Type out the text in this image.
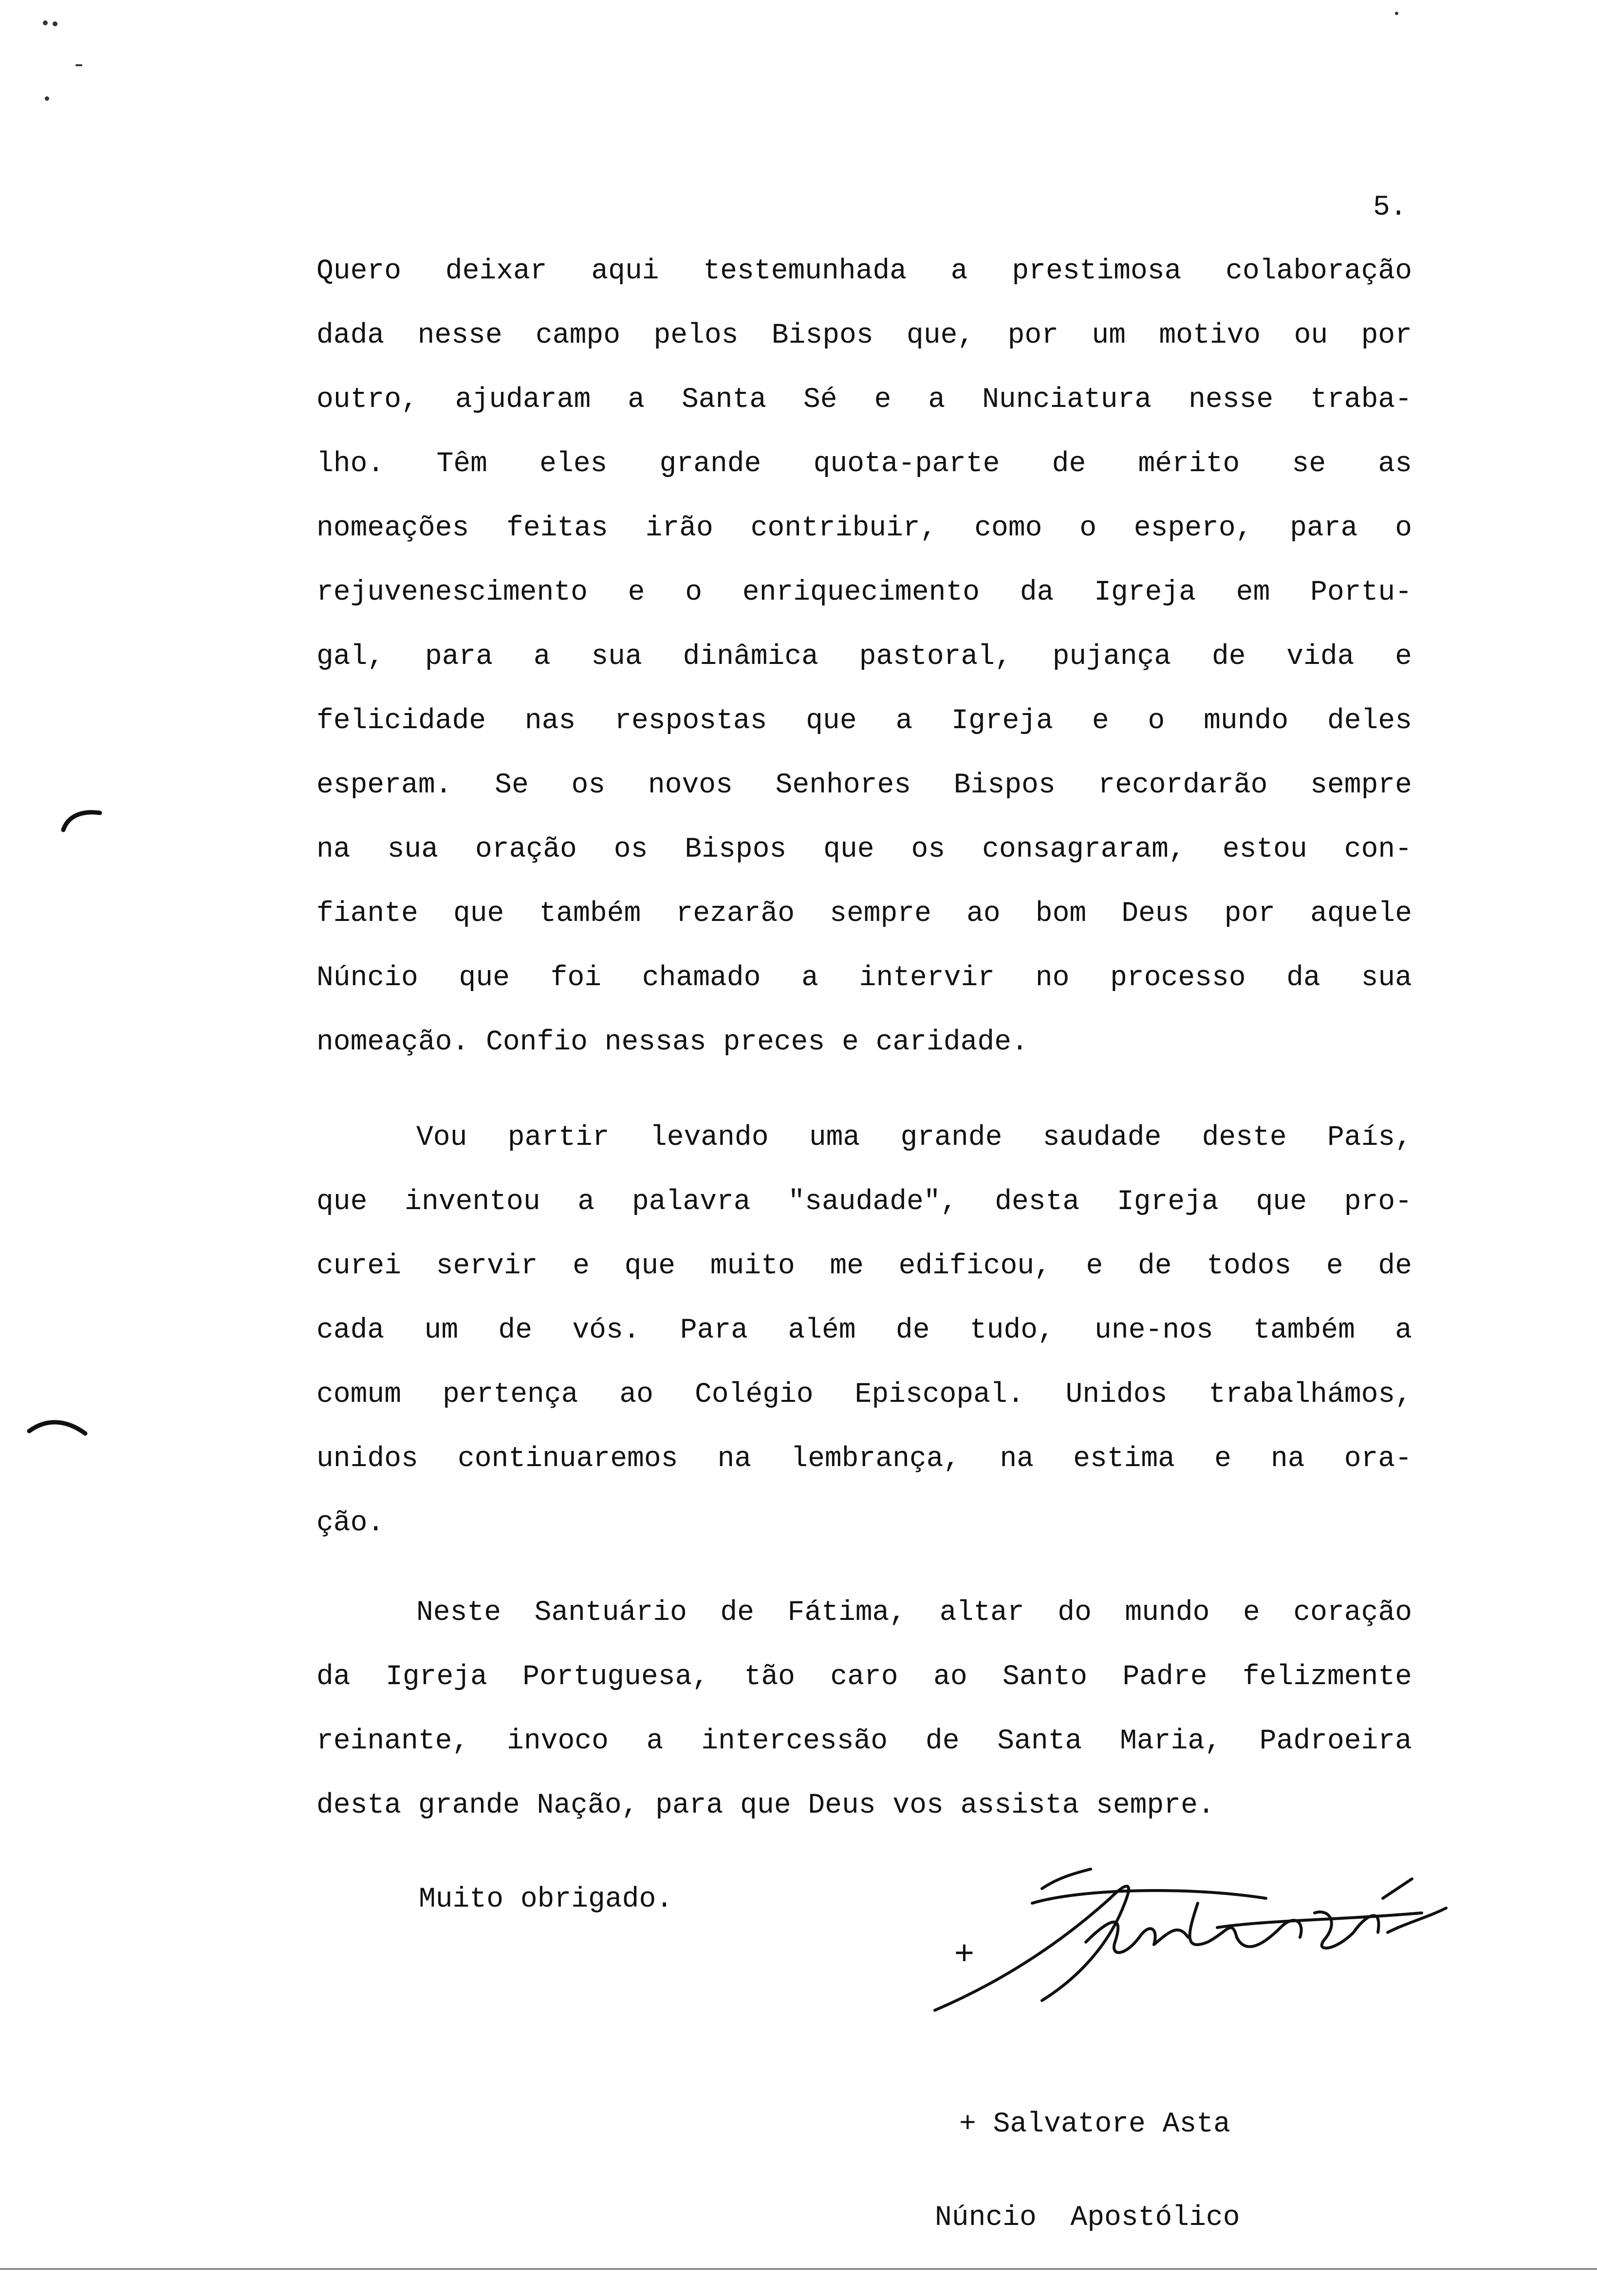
5.
Quero deixar aqui testemunhada a prestimosa colaboração
dada nesse campo pelos Bispos que, por um motivo ou por
outro, ajudaram a Santa Sé e a Nunciatura nesse traba-
lho. Têm eles grande quota-parte de mérito se as
nomeações feitas irão contribuir, como o espero, para o
rejuvenescimento e o enriquecimento da Igreja em Portu-
gal, para a sua dinâmica pastoral, pujança de vida e
felicidade nas respostas que a Igreja e o mundo deles
esperam. Se os novos Senhores Bispos recordarão sempre
na sua oração os Bispos que os consagraram, estou con-
fiante que também rezarão sempre ao bom Deus por aquele
Núncio que foi chamado a intervir no processo da sua
nomeação. Confio nessas preces e caridade.
Vou partir levando uma grande saudade deste País,
que inventou a palavra "saudade", desta Igreja que pro-
curei servir e que muito me edificou, e de todos e de
cada um de vós. Para além de tudo, une-nos também a
comum pertença ao Colégio Episcopal. Unidos trabalhámos,
unidos continuaremos na lembrança, na estima e na ora-
ção.
Neste Santuário de Fátima, altar do mundo e coração
da Igreja Portuguesa, tão caro ao Santo Padre felizmente
reinante, invoco a intercessão de Santa Maria, Padroeira
desta grande Nação, para que Deus vos assista sempre.
Muito obrigado.
+

+ Salvatore Asta

Núncio  Apostólico
